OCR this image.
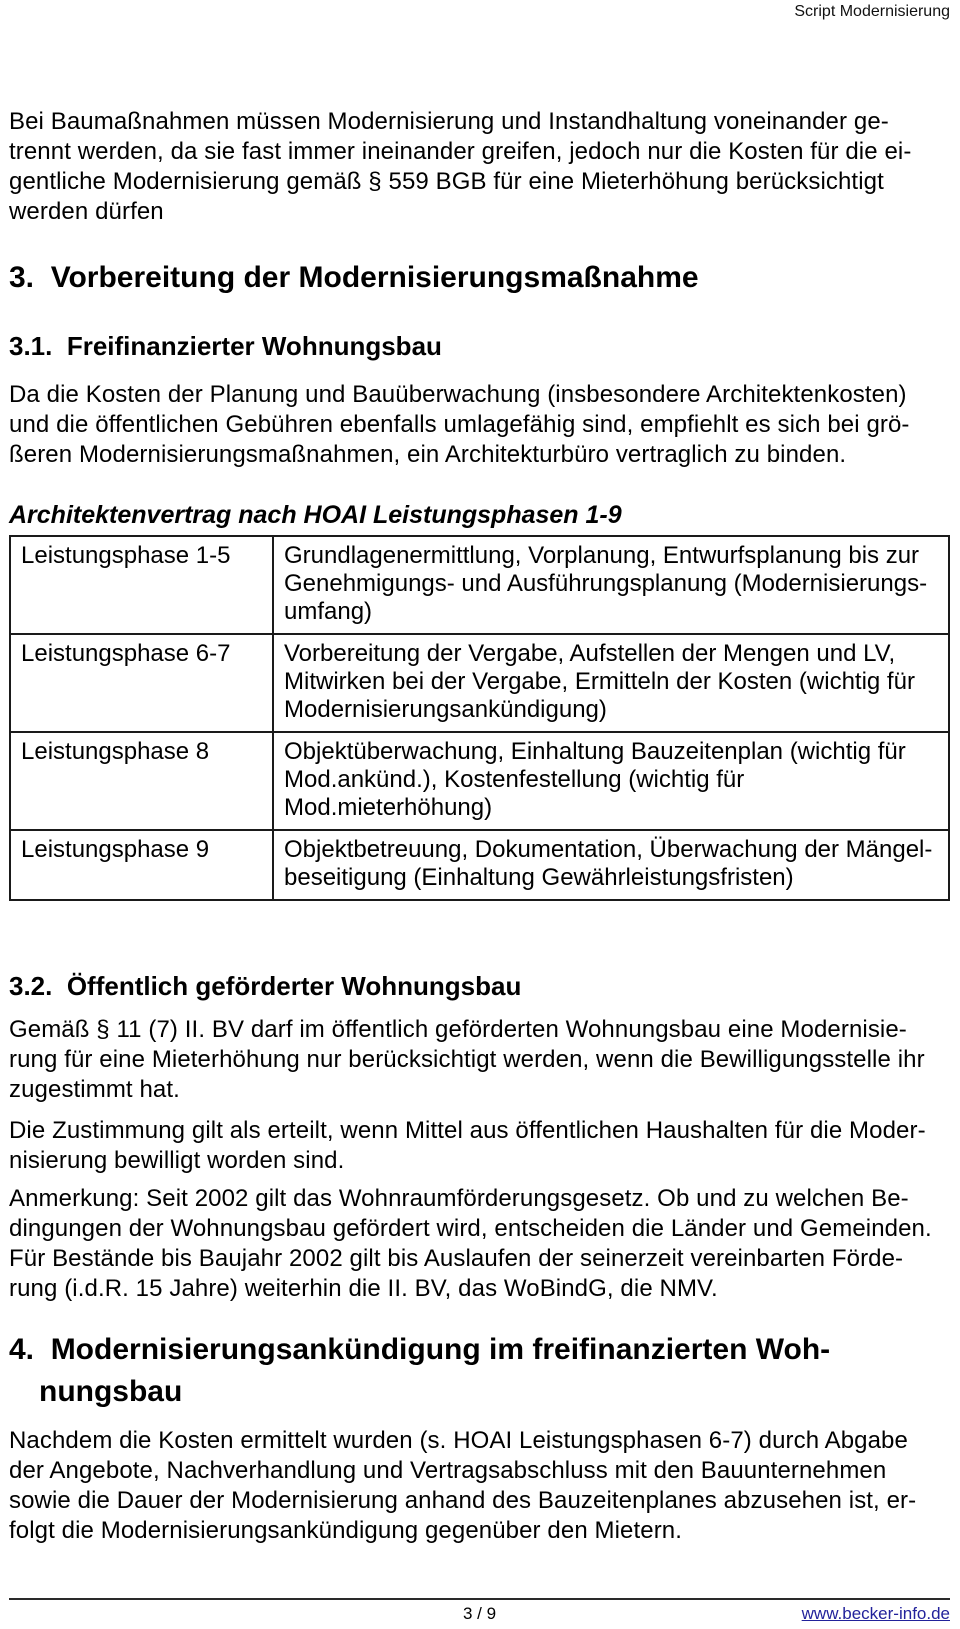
Script Modernisierung

Bei Baumaßnahmen müssen Modernisierung und Instandhaltung voneinander ge-
trennt werden, da sie fast immer ineinander greifen, jedoch nur die Kosten für die ei-
gentliche Modernisierung gemäß § 559 BGB für eine Mieterhöhung berücksichtigt
werden dürfen

3.  Vorbereitung der Modernisierungsmaßnahme
3.1.  Freifinanzierter Wohnungsbau

Da die Kosten der Planung und Bauüberwachung (insbesondere Architektenkosten)
und die öffentlichen Gebühren ebenfalls umlagefähig sind, empfiehlt es sich bei grö-
ßeren Modernisierungsmaßnahmen, ein Architekturbüro vertraglich zu binden.

Architektenvertrag nach HOAI Leistungsphasen 1-9
Leistungsphase 1-5	Grundlagenermittlung, Vorplanung, Entwurfsplanung bis zur
Genehmigungs- und Ausführungsplanung (Modernisierungs-
umfang)
Leistungsphase 6-7	Vorbereitung der Vergabe, Aufstellen der Mengen und LV,
Mitwirken bei der Vergabe, Ermitteln der Kosten (wichtig für
Modernisierungsankündigung)
Leistungsphase 8	Objektüberwachung, Einhaltung Bauzeitenplan (wichtig für
Mod.ankünd.), Kostenfestellung (wichtig für
Mod.mieterhöhung)
Leistungsphase 9	Objektbetreuung, Dokumentation, Überwachung der Mängel-
beseitigung (Einhaltung Gewährleistungsfristen)
3.2.  Öffentlich geförderter Wohnungsbau

Gemäß § 11 (7) II. BV darf im öffentlich geförderten Wohnungsbau eine Modernisie-
rung für eine Mieterhöhung nur berücksichtigt werden, wenn die Bewilligungsstelle ihr
zugestimmt hat.

Die Zustimmung gilt als erteilt, wenn Mittel aus öffentlichen Haushalten für die Moder-
nisierung bewilligt worden sind.

Anmerkung: Seit 2002 gilt das Wohnraumförderungsgesetz. Ob und zu welchen Be-
dingungen der Wohnungsbau gefördert wird, entscheiden die Länder und Gemeinden.
Für Bestände bis Baujahr 2002 gilt bis Auslaufen der seinerzeit vereinbarten Förde-
rung (i.d.R. 15 Jahre) weiterhin die II. BV, das WoBindG, die NMV.

4.  Modernisierungsankündigung im freifinanzierten Woh-
nungsbau

Nachdem die Kosten ermittelt wurden (s. HOAI Leistungsphasen 6-7) durch Abgabe
der Angebote, Nachverhandlung und Vertragsabschluss mit den Bauunternehmen
sowie die Dauer der Modernisierung anhand des Bauzeitenplanes abzusehen ist, er-
folgt die Modernisierungsankündigung gegenüber den Mietern.

3 / 9	www.becker-info.de
